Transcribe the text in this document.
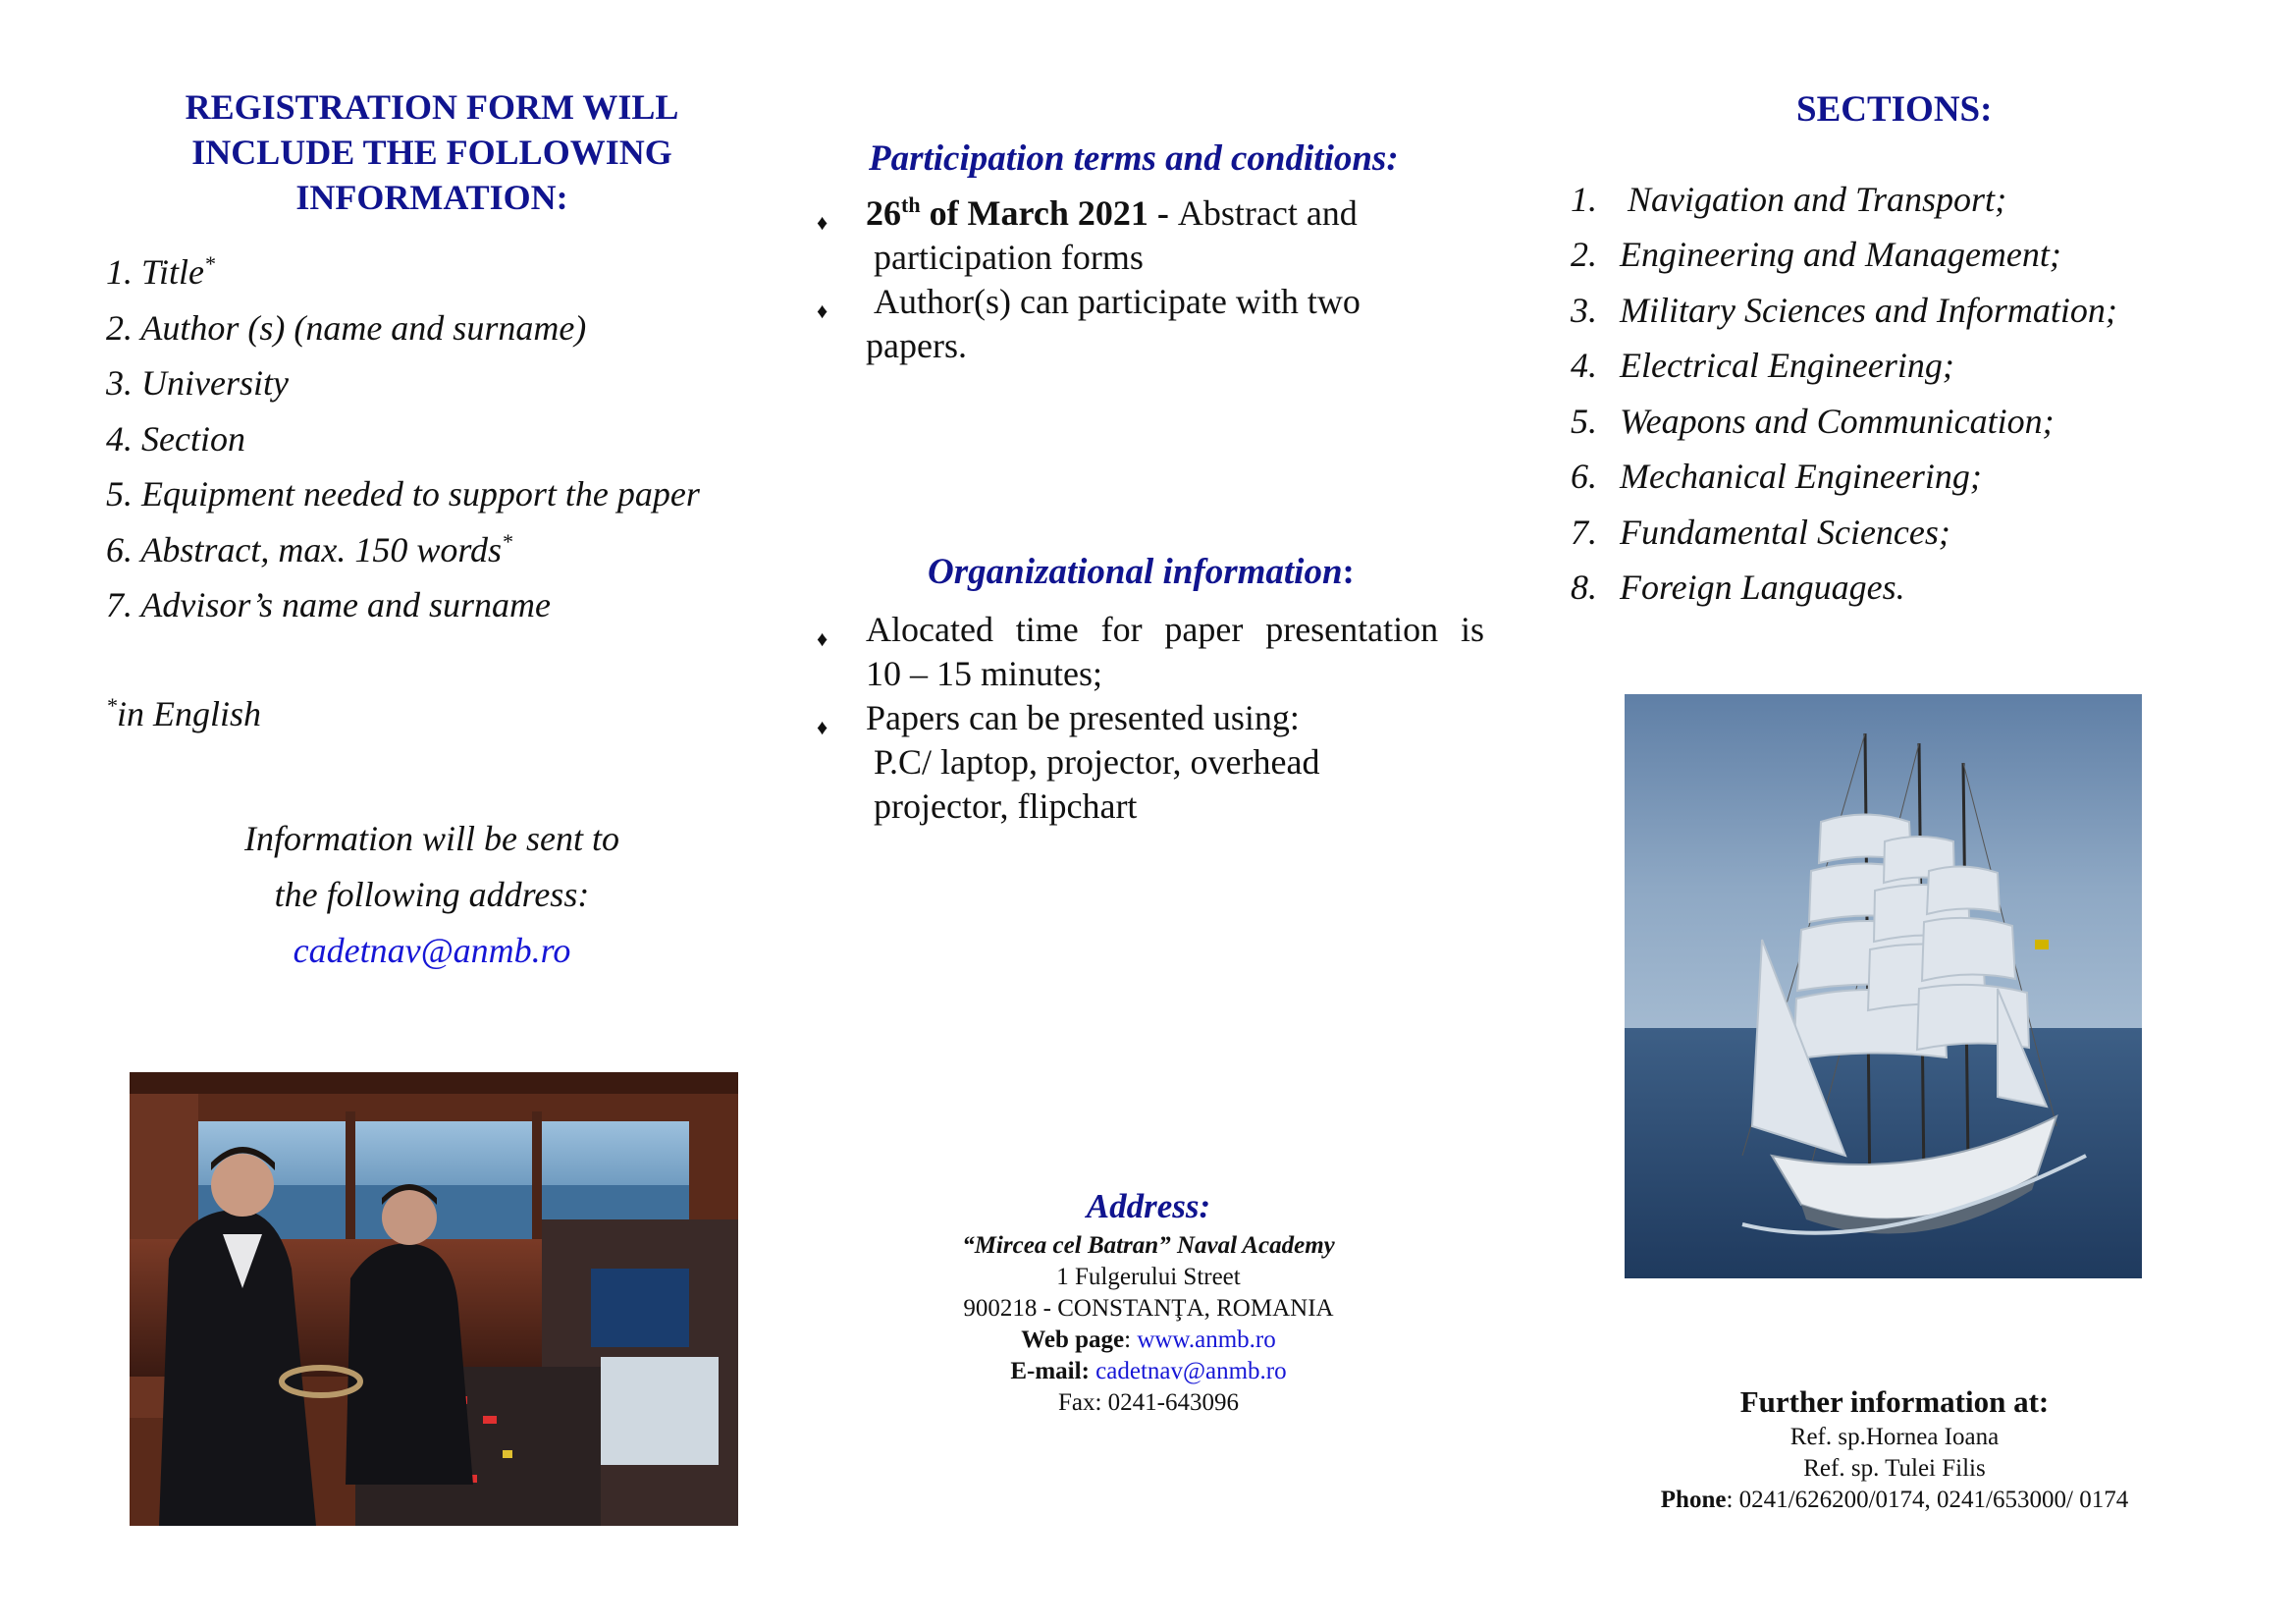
REGISTRATION FORM WILL
INCLUDE THE FOLLOWING
INFORMATION:
1. Title*
2. Author (s) (name and surname)
3. University
4. Section
5. Equipment needed to support the paper
6. Abstract, max. 150 words*
7. Advisor’s name and surname
*in English
Information will be sent to
the following address:
cadetnav@anmb.ro
Participation terms and conditions:
♦ 26th of March 2021 - Abstract and
participation forms
♦ Author(s) can participate with two
papers.
Organizational information:
♦ Alocated time for paper presentation is
10 – 15 minutes;
♦ Papers can be presented using:
P.C/ laptop, projector, overhead
projector, flipchart
Address:
“Mircea cel Batran” Naval Academy
1 Fulgerului Street
900218 - CONSTANŢA, ROMANIA
Web page: www.anmb.ro
E-mail: cadetnav@anmb.ro
Fax: 0241-643096
SECTIONS:
1. Navigation and Transport;
2. Engineering and Management;
3. Military Sciences and Information;
4. Electrical Engineering;
5. Weapons and Communication;
6. Mechanical Engineering;
7. Fundamental Sciences;
8. Foreign Languages.
Further information at:
Ref. sp.Hornea Ioana
Ref. sp. Tulei Filis
Phone: 0241/626200/0174, 0241/653000/ 0174
